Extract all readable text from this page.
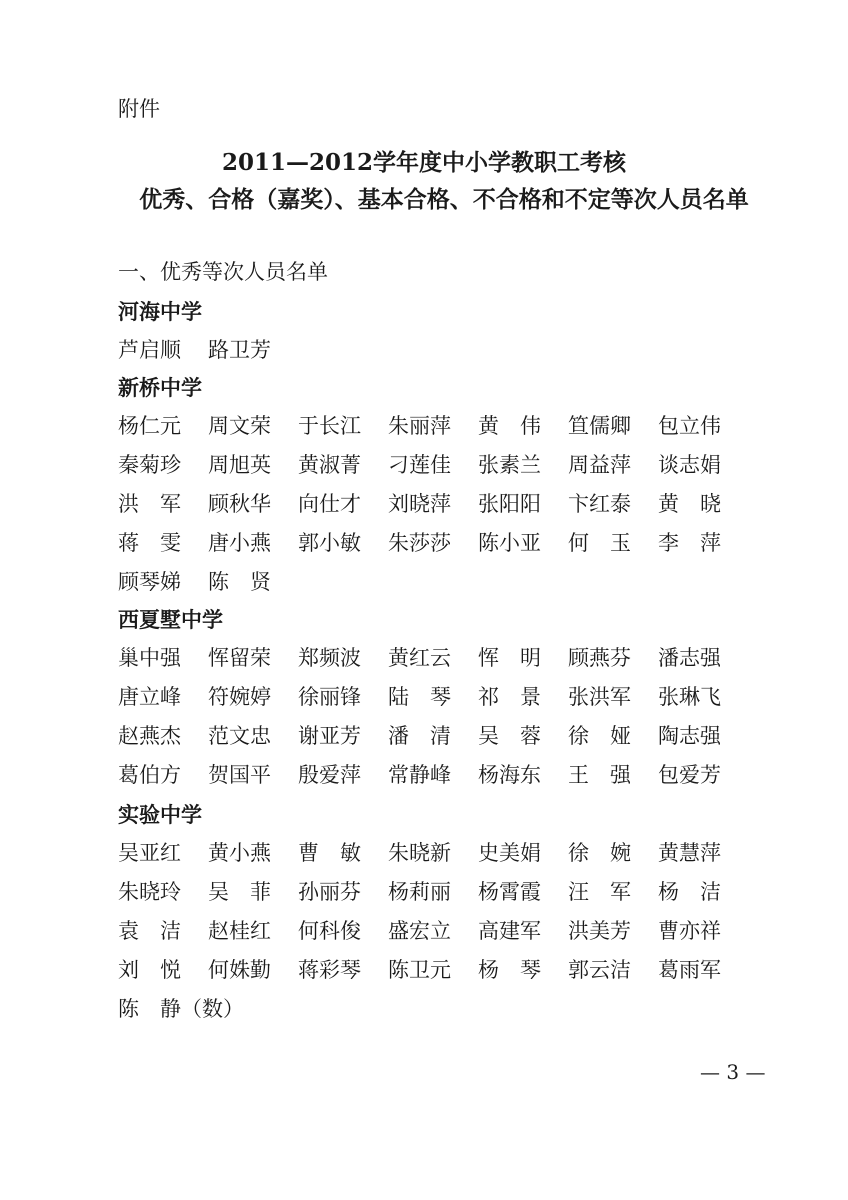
附件
2011—2012学年度中小学教职工考核
优秀、合格（嘉奖）、基本合格、不合格和不定等次人员名单
一、优秀等次人员名单
河海中学
芦启顺 路卫芳
新桥中学
杨仁元 周文荣 于长江 朱丽萍 黄　伟 笪儒卿 包立伟
秦菊珍 周旭英 黄淑菁 刁莲佳 张素兰 周益萍 谈志娟
洪　军 顾秋华 向仕才 刘晓萍 张阳阳 卞红泰 黄　晓
蒋　雯 唐小燕 郭小敏 朱莎莎 陈小亚 何　玉 李　萍
顾琴娣 陈　贤
西夏墅中学
巢中强 恽留荣 郑频波 黄红云 恽　明 顾燕芬 潘志强
唐立峰 符婉婷 徐丽锋 陆　琴 祁　景 张洪军 张琳飞
赵燕杰 范文忠 谢亚芳 潘　清 吴　蓉 徐　娅 陶志强
葛伯方 贺国平 殷爱萍 常静峰 杨海东 王　强 包爱芳
实验中学
吴亚红 黄小燕 曹　敏 朱晓新 史美娟 徐　婉 黄慧萍
朱晓玲 吴　菲 孙丽芬 杨莉丽 杨霄霞 汪　军 杨　洁
袁　洁 赵桂红 何科俊 盛宏立 高建军 洪美芳 曹亦祥
刘　悦 何姝勤 蒋彩琴 陈卫元 杨　琴 郭云洁 葛雨军
陈　静（数）
— 3 —
